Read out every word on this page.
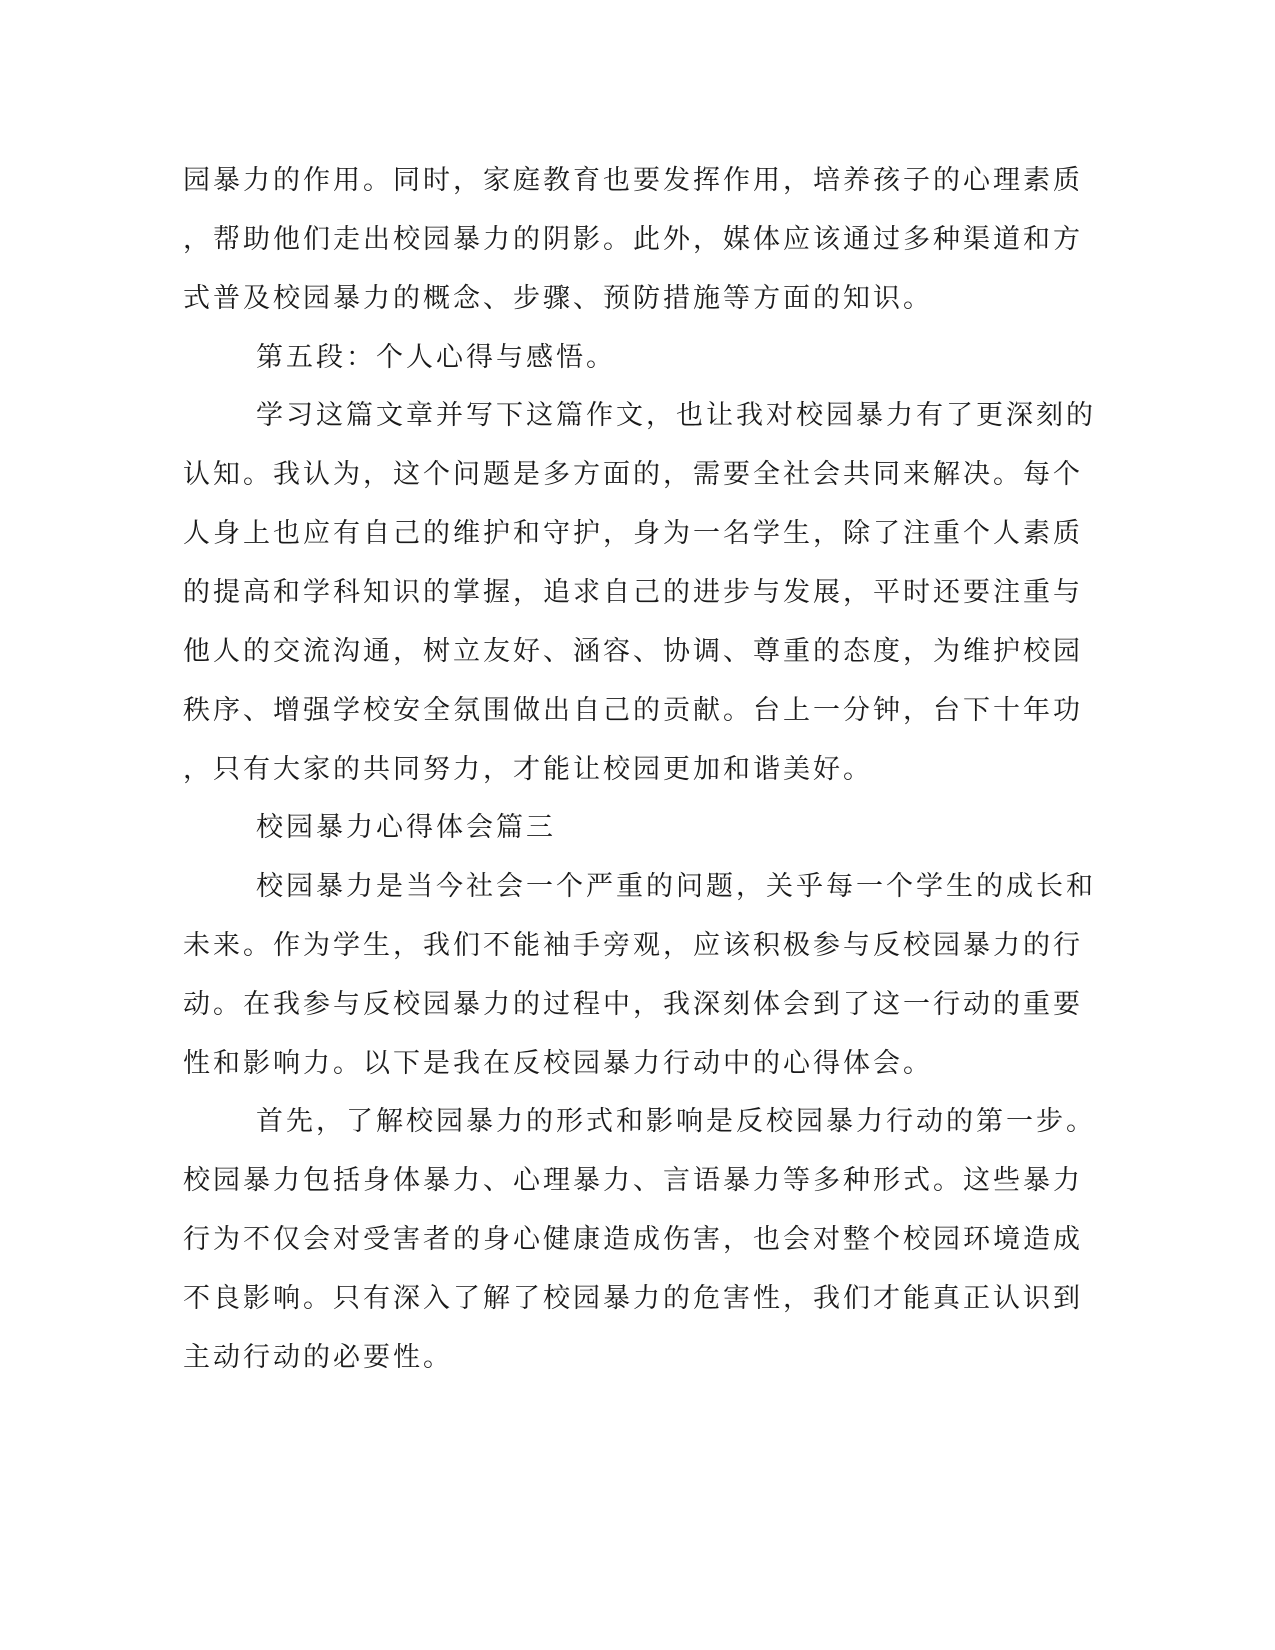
园暴力的作用。同时，家庭教育也要发挥作用，培养孩子的心理素质
，帮助他们走出校园暴力的阴影。此外，媒体应该通过多种渠道和方
式普及校园暴力的概念、步骤、预防措施等方面的知识。
第五段：个人心得与感悟。
学习这篇文章并写下这篇作文，也让我对校园暴力有了更深刻的
认知。我认为，这个问题是多方面的，需要全社会共同来解决。每个
人身上也应有自己的维护和守护，身为一名学生，除了注重个人素质
的提高和学科知识的掌握，追求自己的进步与发展，平时还要注重与
他人的交流沟通，树立友好、涵容、协调、尊重的态度，为维护校园
秩序、增强学校安全氛围做出自己的贡献。台上一分钟，台下十年功
，只有大家的共同努力，才能让校园更加和谐美好。
校园暴力心得体会篇三
校园暴力是当今社会一个严重的问题，关乎每一个学生的成长和
未来。作为学生，我们不能袖手旁观，应该积极参与反校园暴力的行
动。在我参与反校园暴力的过程中，我深刻体会到了这一行动的重要
性和影响力。以下是我在反校园暴力行动中的心得体会。
首先，了解校园暴力的形式和影响是反校园暴力行动的第一步。
校园暴力包括身体暴力、心理暴力、言语暴力等多种形式。这些暴力
行为不仅会对受害者的身心健康造成伤害，也会对整个校园环境造成
不良影响。只有深入了解了校园暴力的危害性，我们才能真正认识到
主动行动的必要性。
